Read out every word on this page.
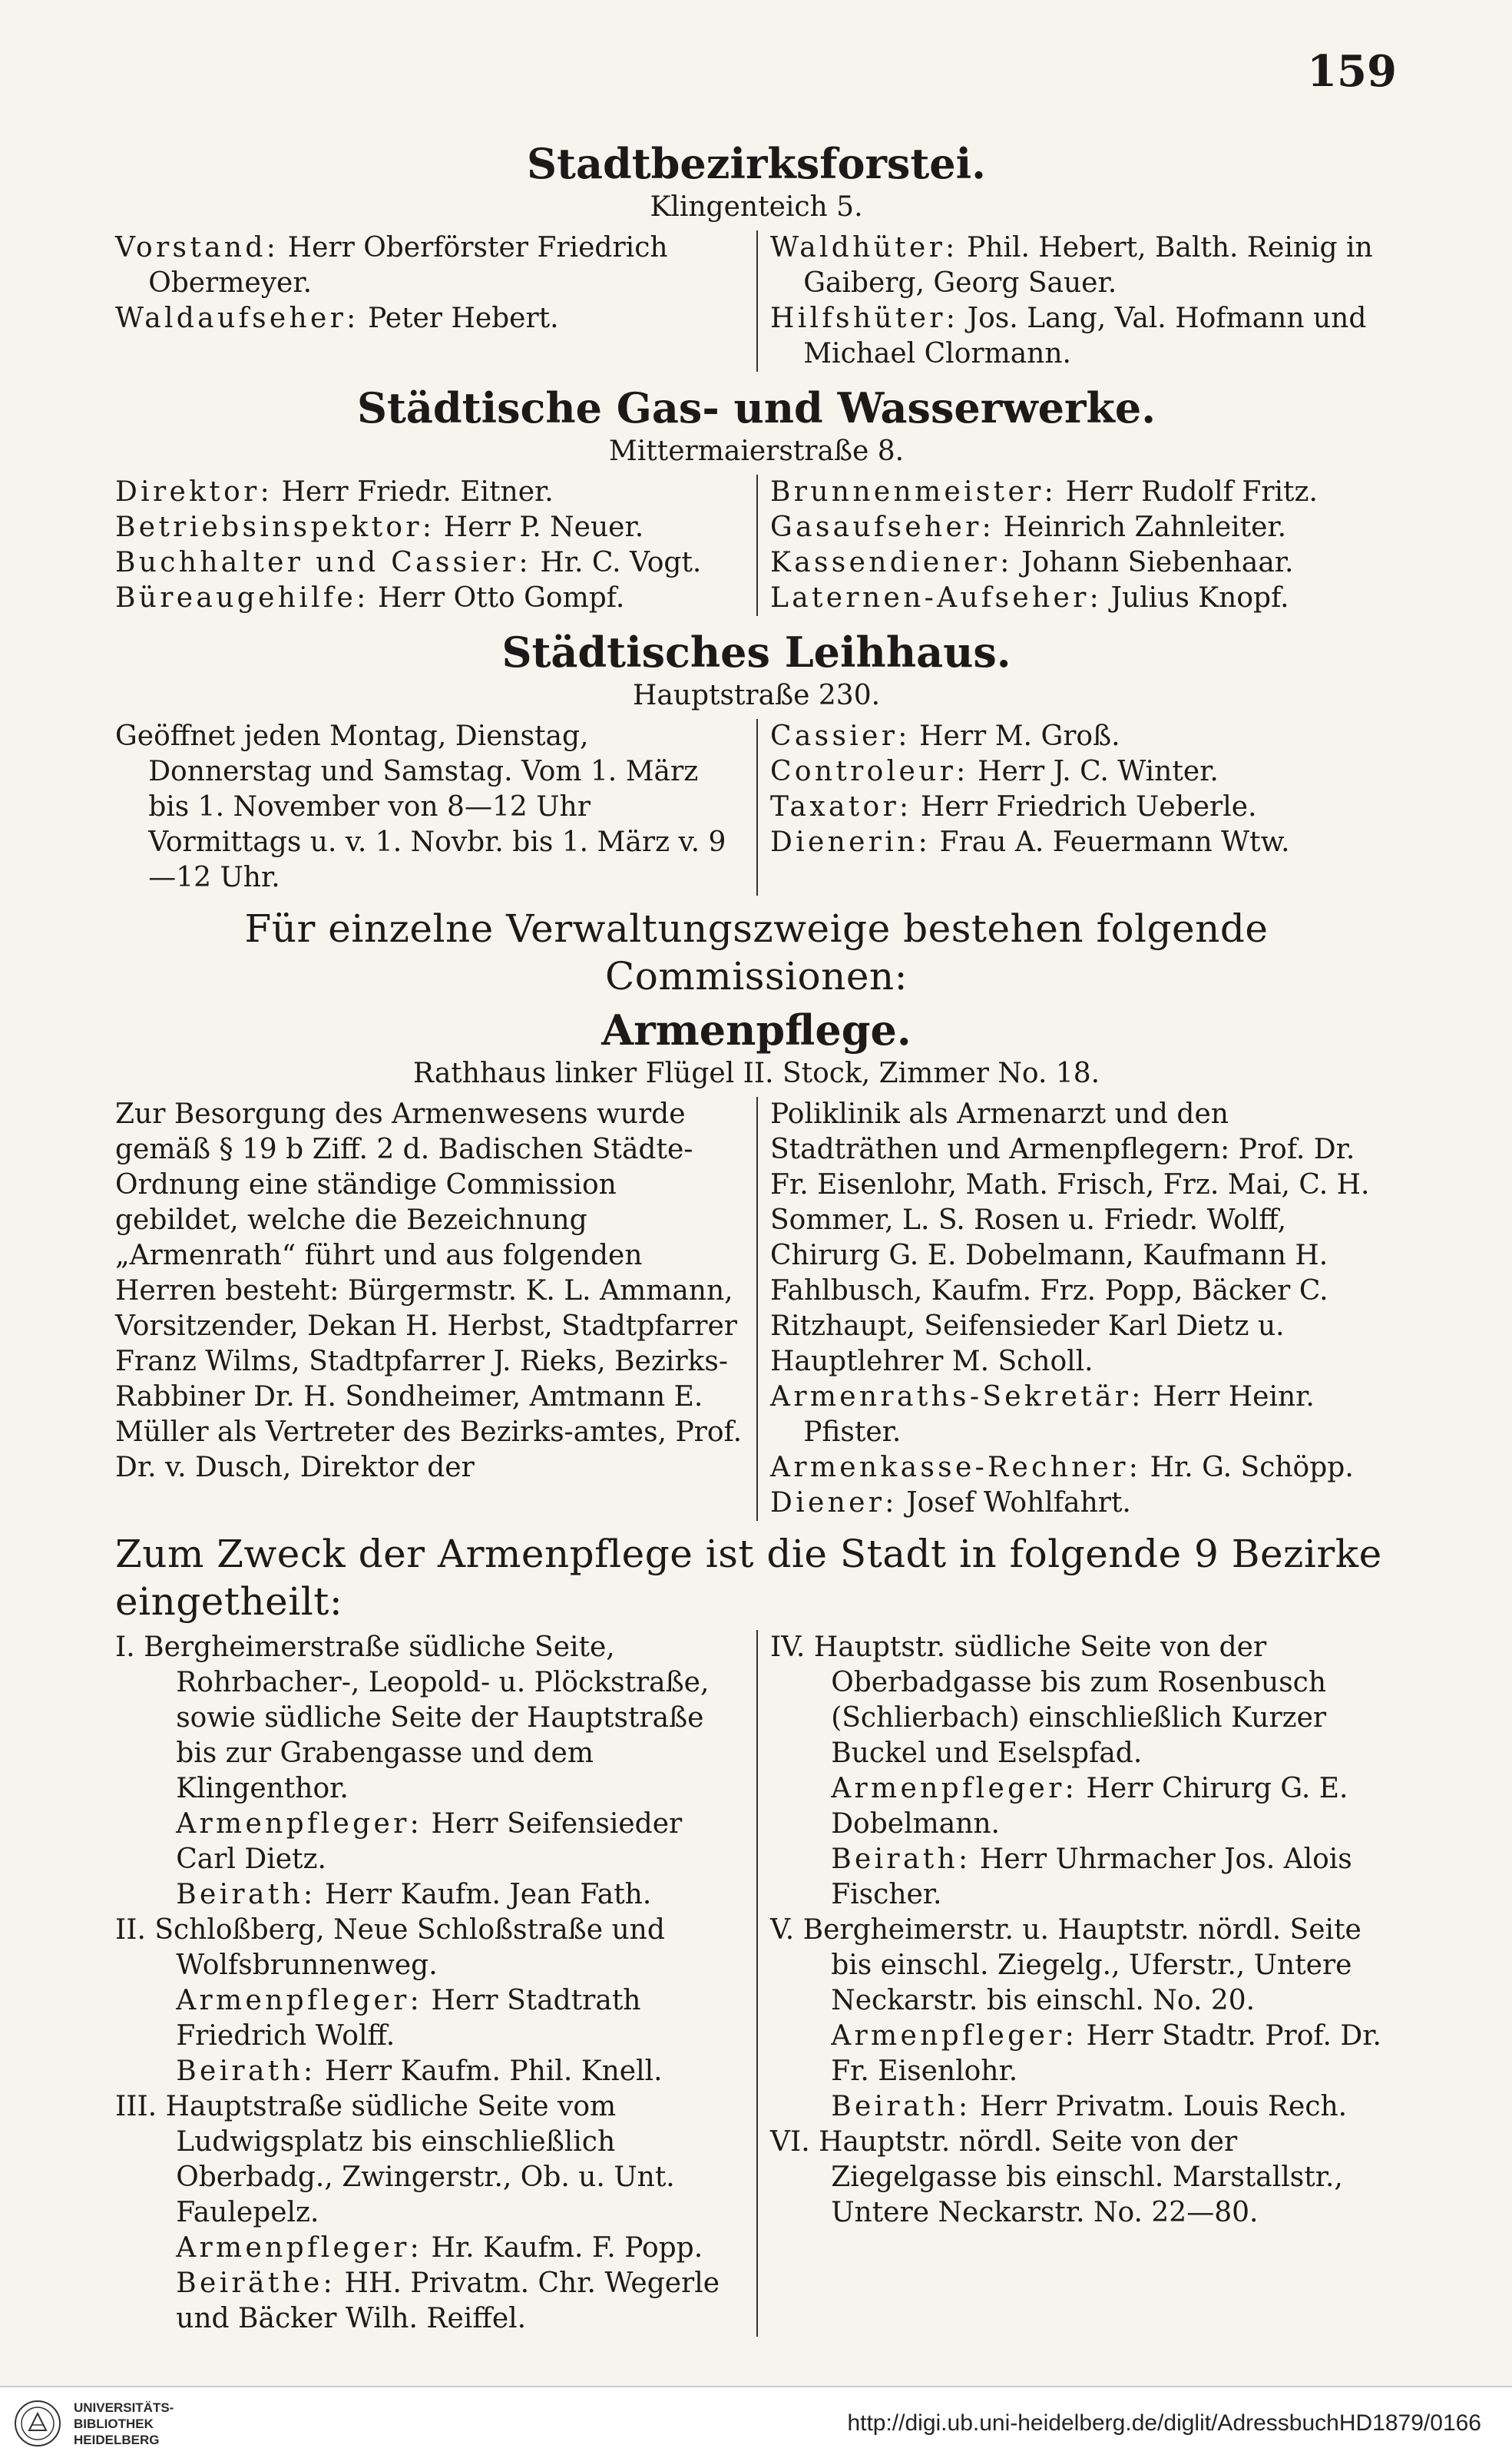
159
Stadtbezirksforstei.

Klingenteich 5.

Vorstand: Herr Oberförster Friedrich Obermeyer.

Waldaufseher: Peter Hebert.

Waldhüter: Phil. Hebert, Balth. Reinig in Gaiberg, Georg Sauer.

Hilfshüter: Jos. Lang, Val. Hofmann und Michael Clormann.

Städtische Gas- und Wasserwerke.

Mittermaierstraße 8.

Direktor: Herr Friedr. Eitner.

Betriebsinspektor: Herr P. Neuer.

Buchhalter und Cassier: Hr. C. Vogt.

Büreaugehilfe: Herr Otto Gompf.

Brunnenmeister: Herr Rudolf Fritz.

Gasaufseher: Heinrich Zahnleiter.

Kassendiener: Johann Siebenhaar.

Laternen-Aufseher: Julius Knopf.

Städtisches Leihhaus.

Hauptstraße 230.

Geöffnet jeden Montag, Dienstag, Donnerstag und Samstag. Vom 1. März bis 1. November von 8—12 Uhr Vormittags u. v. 1. Novbr. bis 1. März v. 9—12 Uhr.

Cassier: Herr M. Groß.

Controleur: Herr J. C. Winter.

Taxator: Herr Friedrich Ueberle.

Dienerin: Frau A. Feuermann Wtw.

Für einzelne Verwaltungszweige bestehen folgende Commissionen:

Armenpflege.

Rathhaus linker Flügel II. Stock, Zimmer No. 18.

Zur Besorgung des Armenwesens wurde gemäß § 19 b Ziff. 2 d. Badischen Städte-Ordnung eine ständige Commission gebildet, welche die Bezeichnung „Armenrath“ führt und aus folgenden Herren besteht: Bürgermstr. K. L. Ammann, Vorsitzender, Dekan H. Herbst, Stadtpfarrer Franz Wilms, Stadtpfarrer J. Rieks, Bezirks-Rabbiner Dr. H. Sondheimer, Amtmann E. Müller als Vertreter des Bezirks-amtes, Prof. Dr. v. Dusch, Direktor der

Poliklinik als Armenarzt und den Stadträthen und Armenpflegern: Prof. Dr. Fr. Eisenlohr, Math. Frisch, Frz. Mai, C. H. Sommer, L. S. Rosen u. Friedr. Wolff, Chirurg G. E. Dobelmann, Kaufmann H. Fahlbusch, Kaufm. Frz. Popp, Bäcker C. Ritzhaupt, Seifensieder Karl Dietz u. Hauptlehrer M. Scholl.

Armenraths-Sekretär: Herr Heinr. Pfister.

Armenkasse-Rechner: Hr. G. Schöpp.

Diener: Josef Wohlfahrt.

Zum Zweck der Armenpflege ist die Stadt in folgende 9 Bezirke eingetheilt:

I. Bergheimerstraße südliche Seite, Rohrbacher-, Leopold- u. Plöckstraße, sowie südliche Seite der Hauptstraße bis zur Grabengasse und dem Klingenthor.

Armenpfleger: Herr Seifensieder Carl Dietz.

Beirath: Herr Kaufm. Jean Fath.

II. Schloßberg, Neue Schloßstraße und Wolfsbrunnenweg.

Armenpfleger: Herr Stadtrath Friedrich Wolff.

Beirath: Herr Kaufm. Phil. Knell.

III. Hauptstraße südliche Seite vom Ludwigsplatz bis einschließlich Oberbadg., Zwingerstr., Ob. u. Unt. Faulepelz.

Armenpfleger: Hr. Kaufm. F. Popp.

Beiräthe: HH. Privatm. Chr. Wegerle und Bäcker Wilh. Reiffel.

IV. Hauptstr. südliche Seite von der Oberbadgasse bis zum Rosenbusch (Schlierbach) einschließlich Kurzer Buckel und Eselspfad.

Armenpfleger: Herr Chirurg G. E. Dobelmann.

Beirath: Herr Uhrmacher Jos. Alois Fischer.

V. Bergheimerstr. u. Hauptstr. nördl. Seite bis einschl. Ziegelg., Uferstr., Untere Neckarstr. bis einschl. No. 20.

Armenpfleger: Herr Stadtr. Prof. Dr. Fr. Eisenlohr.

Beirath: Herr Privatm. Louis Rech.

VI. Hauptstr. nördl. Seite von der Ziegelgasse bis einschl. Marstallstr., Untere Neckarstr. No. 22—80.

UNIVERSITÄTS-
BIBLIOTHEK
HEIDELBERG
http://digi.ub.uni-heidelberg.de/diglit/AdressbuchHD1879/0166
